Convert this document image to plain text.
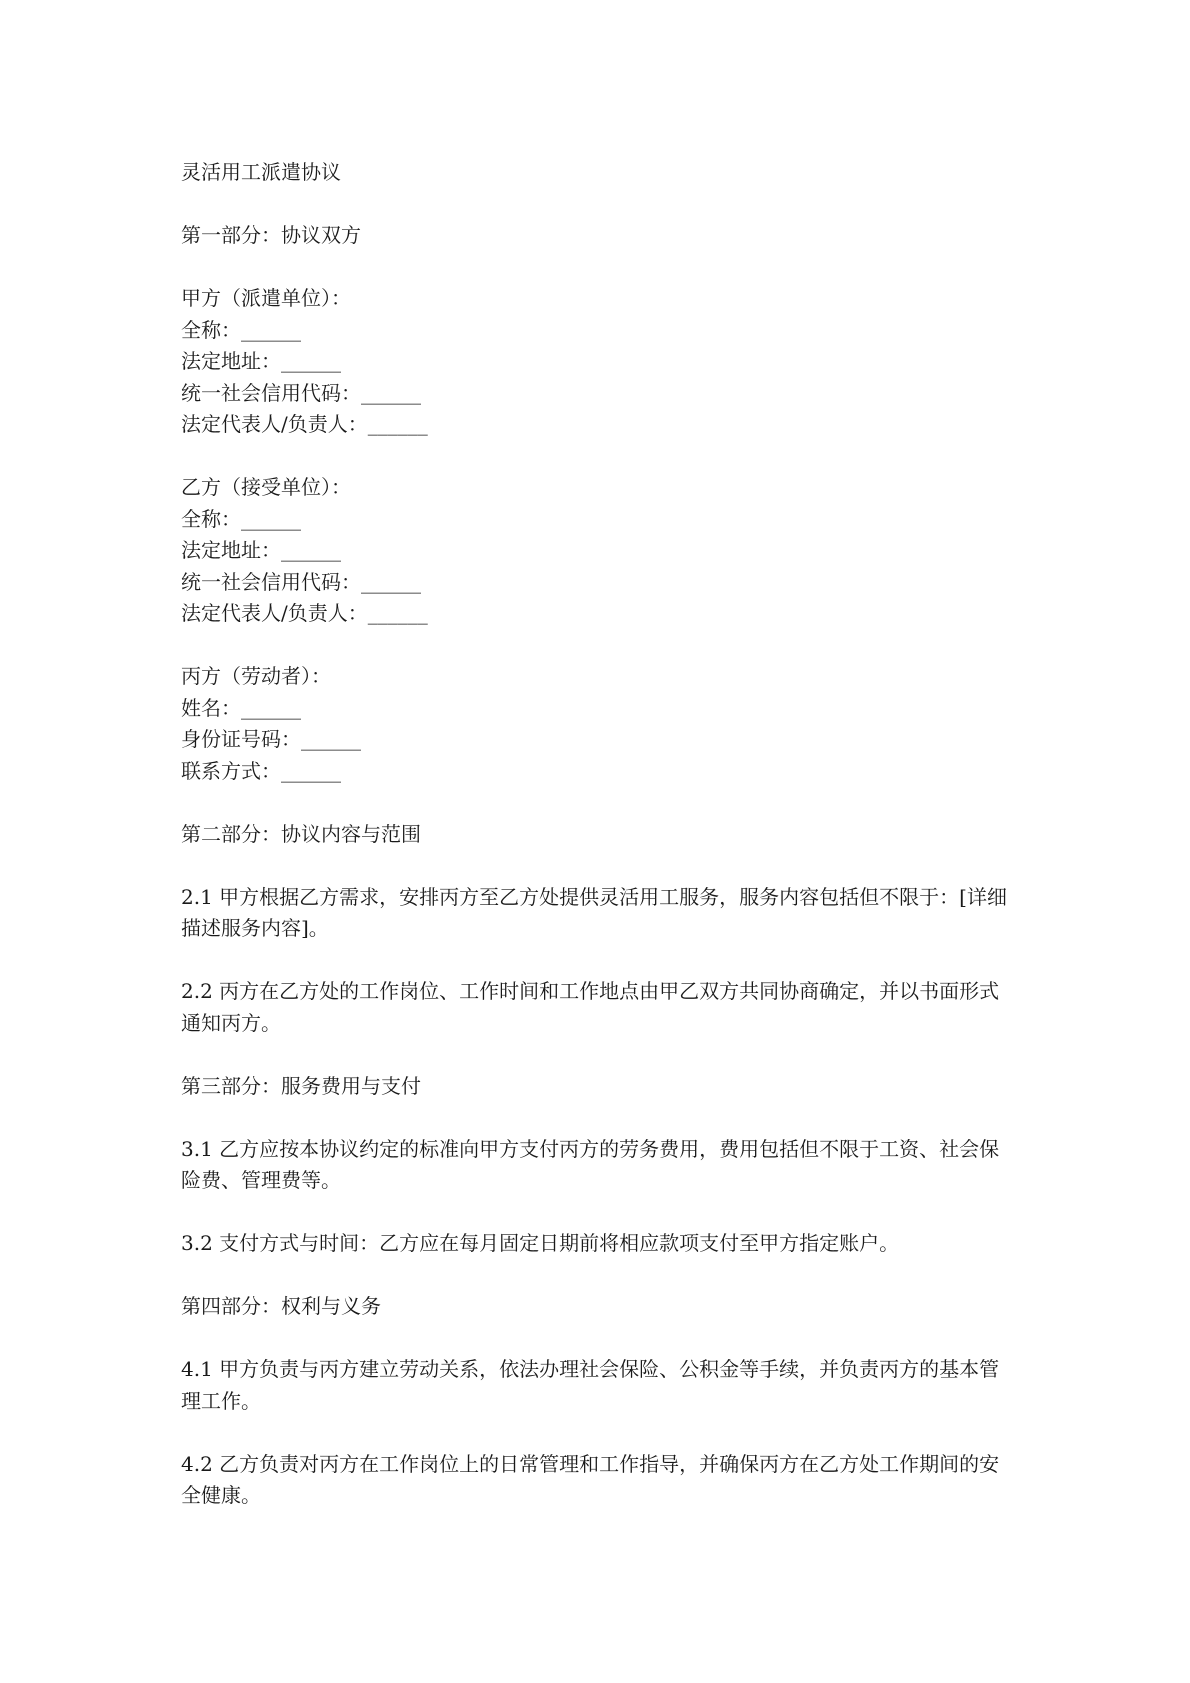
灵活用工派遣协议

第一部分：协议双方

甲方（派遣单位）：
全称：______
法定地址：______
统一社会信用代码：______
法定代表人/负责人：______

乙方（接受单位）：
全称：______
法定地址：______
统一社会信用代码：______
法定代表人/负责人：______

丙方（劳动者）：
姓名：______
身份证号码：______
联系方式：______

第二部分：协议内容与范围

2.1 甲方根据乙方需求，安排丙方至乙方处提供灵活用工服务，服务内容包括但不限于：[详细描述服务内容]。

2.2 丙方在乙方处的工作岗位、工作时间和工作地点由甲乙双方共同协商确定，并以书面形式通知丙方。

第三部分：服务费用与支付

3.1 乙方应按本协议约定的标准向甲方支付丙方的劳务费用，费用包括但不限于工资、社会保险费、管理费等。

3.2 支付方式与时间：乙方应在每月固定日期前将相应款项支付至甲方指定账户。

第四部分：权利与义务

4.1 甲方负责与丙方建立劳动关系，依法办理社会保险、公积金等手续，并负责丙方的基本管理工作。

4.2 乙方负责对丙方在工作岗位上的日常管理和工作指导，并确保丙方在乙方处工作期间的安全健康。
